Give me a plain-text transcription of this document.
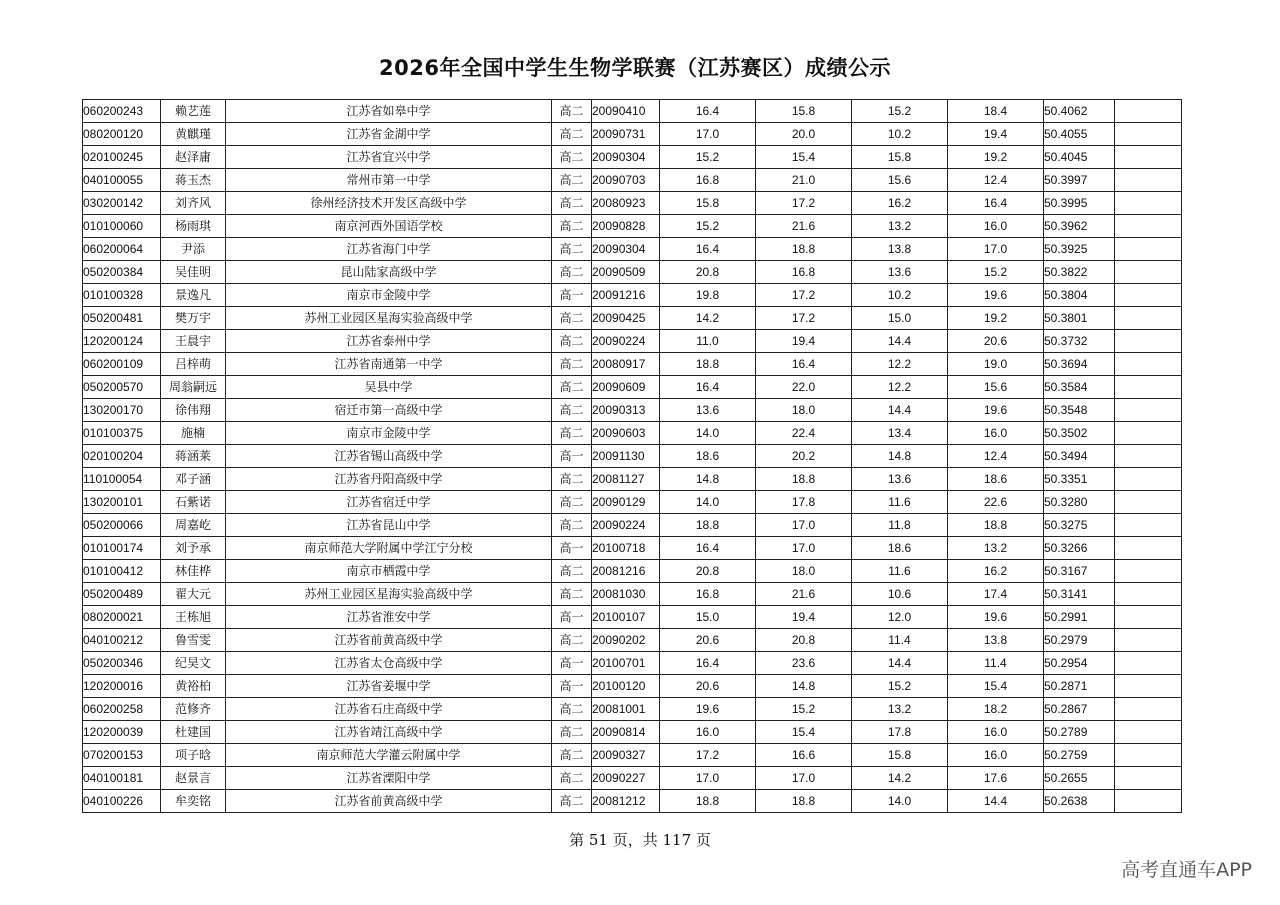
2026年全国中学生生物学联赛（江苏赛区）成绩公示
060200243	赖艺莲	江苏省如皋中学	高二	20090410	16.4	15.8	15.2	18.4	50.4062	
080200120	黄麒瑾	江苏省金湖中学	高二	20090731	17.0	20.0	10.2	19.4	50.4055	
020100245	赵泽庸	江苏省宜兴中学	高二	20090304	15.2	15.4	15.8	19.2	50.4045	
040100055	蒋玉杰	常州市第一中学	高二	20090703	16.8	21.0	15.6	12.4	50.3997	
030200142	刘齐风	徐州经济技术开发区高级中学	高二	20080923	15.8	17.2	16.2	16.4	50.3995	
010100060	杨雨琪	南京河西外国语学校	高二	20090828	15.2	21.6	13.2	16.0	50.3962	
060200064	尹添	江苏省海门中学	高二	20090304	16.4	18.8	13.8	17.0	50.3925	
050200384	吴佳明	昆山陆家高级中学	高二	20090509	20.8	16.8	13.6	15.2	50.3822	
010100328	景逸凡	南京市金陵中学	高一	20091216	19.8	17.2	10.2	19.6	50.3804	
050200481	樊万宇	苏州工业园区星海实验高级中学	高二	20090425	14.2	17.2	15.0	19.2	50.3801	
120200124	王晨宇	江苏省泰州中学	高二	20090224	11.0	19.4	14.4	20.6	50.3732	
060200109	吕梓萌	江苏省南通第一中学	高二	20080917	18.8	16.4	12.2	19.0	50.3694	
050200570	周翁嗣远	吴县中学	高二	20090609	16.4	22.0	12.2	15.6	50.3584	
130200170	徐伟翔	宿迁市第一高级中学	高二	20090313	13.6	18.0	14.4	19.6	50.3548	
010100375	施楠	南京市金陵中学	高二	20090603	14.0	22.4	13.4	16.0	50.3502	
020100204	蒋涵莱	江苏省锡山高级中学	高一	20091130	18.6	20.2	14.8	12.4	50.3494	
110100054	邓子涵	江苏省丹阳高级中学	高二	20081127	14.8	18.8	13.6	18.6	50.3351	
130200101	石紫诺	江苏省宿迁中学	高二	20090129	14.0	17.8	11.6	22.6	50.3280	
050200066	周嘉屹	江苏省昆山中学	高二	20090224	18.8	17.0	11.8	18.8	50.3275	
010100174	刘予承	南京师范大学附属中学江宁分校	高一	20100718	16.4	17.0	18.6	13.2	50.3266	
010100412	林佳桦	南京市栖霞中学	高二	20081216	20.8	18.0	11.6	16.2	50.3167	
050200489	翟大元	苏州工业园区星海实验高级中学	高二	20081030	16.8	21.6	10.6	17.4	50.3141	
080200021	王栋旭	江苏省淮安中学	高一	20100107	15.0	19.4	12.0	19.6	50.2991	
040100212	鲁雪雯	江苏省前黄高级中学	高二	20090202	20.6	20.8	11.4	13.8	50.2979	
050200346	纪昊文	江苏省太仓高级中学	高一	20100701	16.4	23.6	14.4	11.4	50.2954	
120200016	黄裕柏	江苏省姜堰中学	高一	20100120	20.6	14.8	15.2	15.4	50.2871	
060200258	范修齐	江苏省石庄高级中学	高二	20081001	19.6	15.2	13.2	18.2	50.2867	
120200039	杜建国	江苏省靖江高级中学	高二	20090814	16.0	15.4	17.8	16.0	50.2789	
070200153	项子晗	南京师范大学灌云附属中学	高二	20090327	17.2	16.6	15.8	16.0	50.2759	
040100181	赵景言	江苏省溧阳中学	高二	20090227	17.0	17.0	14.2	17.6	50.2655	
040100226	牟奕铭	江苏省前黄高级中学	高二	20081212	18.8	18.8	14.0	14.4	50.2638	
第 51 页，共 117 页
高考直通车APP
